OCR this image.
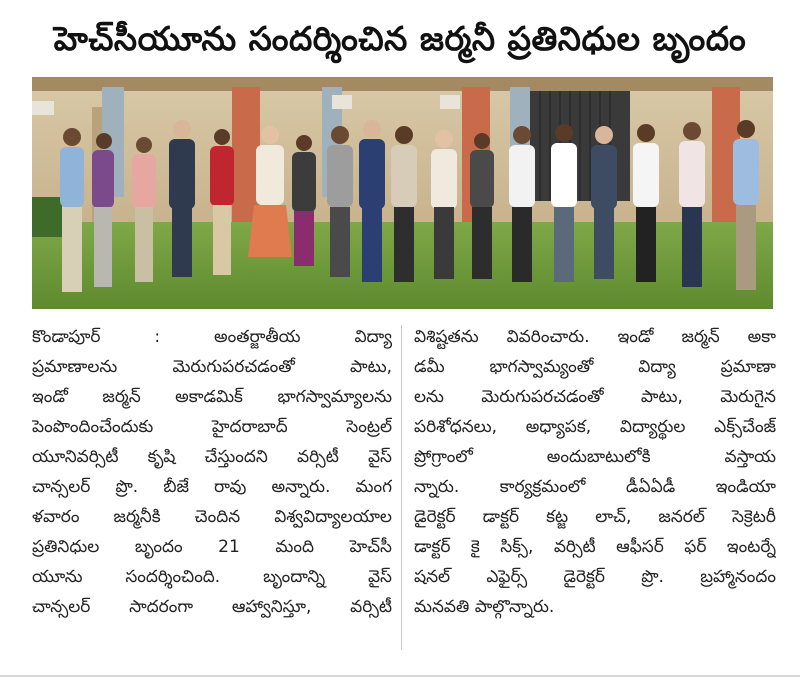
హెచ్‌సీయూను సందర్శించిన జర్మనీ ప్రతినిధుల బృందం

కొండాపూర్ : అంతర్జాతీయ విద్యా
ప్రమాణాలను మెరుగుపరచడంతో పాటు,
ఇండో జర్మన్ అకాడమిక్ భాగస్వామ్యాలను
పెంపొందించేందుకు హైదరాబాద్ సెంట్రల్
యూనివర్సిటీ కృషి చేస్తుందని వర్సిటీ వైస్
చాన్సలర్ ప్రొ. బీజే రావు అన్నారు. మంగ
ళవారం జర్మనీకి చెందిన విశ్వవిద్యాలయాల
ప్రతినిధుల బృందం 21 మంది హెచ్‌సీ
యూను సందర్శించింది. బృందాన్ని వైస్
చాన్సలర్ సాదరంగా ఆహ్వానిస్తూ, వర్సిటీ

విశిష్టతను వివరించారు. ఇండో జర్మన్ అకా
డమీ భాగస్వామ్యంతో విద్యా ప్రమాణా
లను మెరుగుపరచడంతో పాటు, మెరుగైన
పరిశోధనలు, అధ్యాపక, విద్యార్థుల ఎక్స్‌చేంజ్
ప్రోగ్రాంలో అందుబాటులోకి వస్తాయ
న్నారు. కార్యక్రమంలో డీఏఏడీ ఇండియా
డైరెక్టర్ డాక్టర్ కట్జ లాచ్, జనరల్ సెక్రెటరీ
డాక్టర్ కై సిక్స్, వర్సిటీ ఆఫీసర్ ఫర్ ఇంటర్నే
షనల్ ఎఫైర్స్ డైరెక్టర్ ప్రొ. బ్రహ్మానందం
మనవతి పాల్గొన్నారు.
